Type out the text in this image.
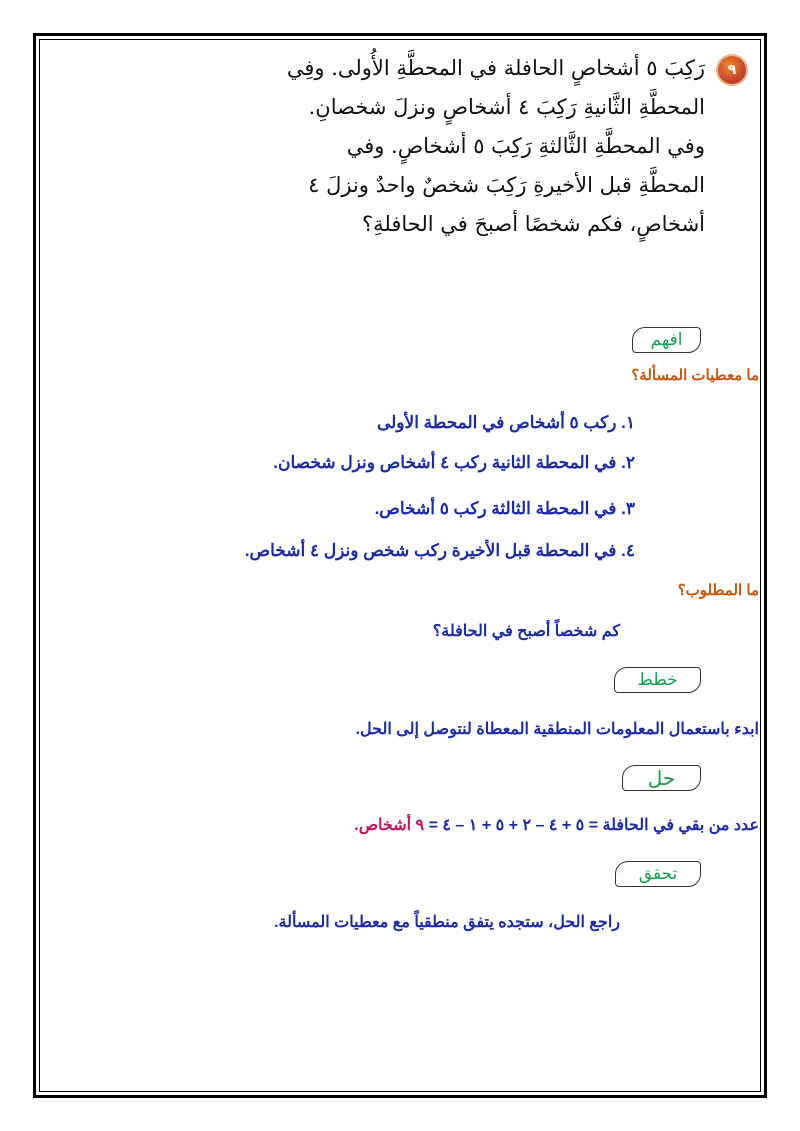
٩
رَكِبَ ٥ أشخاصٍ الحافلة في المحطَّةِ الأُولى. وفِي
المحطَّةِ الثَّانيةِ رَكِبَ ٤ أشخاصٍ ونزلَ شخصانِ.
وفي المحطَّةِ الثَّالثةِ رَكِبَ ٥ أشخاصٍ. وفي
المحطَّةِ قبل الأخيرةِ رَكِبَ شخصٌ واحدٌ ونزلَ ٤
أشخاصٍ، فكم شخصًا أصبحَ في الحافلةِ؟
افهم
ما معطيات المسألة؟
١. ركب ٥ أشخاص في المحطة الأولى
٢. في المحطة الثانية ركب ٤ أشخاص ونزل شخصان.
٣. في المحطة الثالثة ركب ٥ أشخاص.
٤. في المحطة قبل الأخيرة ركب شخص ونزل ٤ أشخاص.
ما المطلوب؟
كم شخصاً أصبح في الحافلة؟
خطط
ابدء باستعمال المعلومات المنطقية المعطاة لنتوصل إلى الحل.
حل
عدد من بقي في الحافلة = ٥ + ٤ – ٢ + ٥ + ١ – ٤ = ٩ أشخاص.
تحقق
راجع الحل، ستجده يتفق منطقياً مع معطيات المسألة.
